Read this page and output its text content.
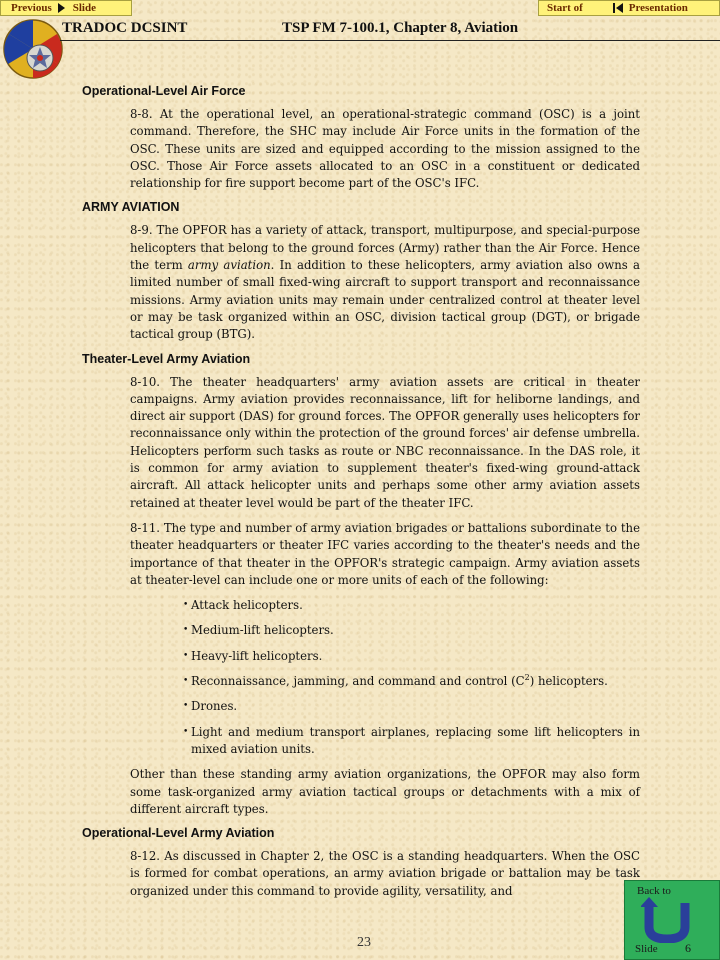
Previous Slide	Start of	Presentation
TRADOC DCSINT	TSP FM 7-100.1, Chapter 8, Aviation
Operational-Level Air Force

8-8. At the operational level, an operational-strategic command (OSC) is a joint command. Therefore, the SHC may include Air Force units in the formation of the OSC. These units are sized and equipped according to the mission assigned to the OSC. Those Air Force assets allocated to an OSC in a constituent or dedicated relationship for fire support become part of the OSC's IFC.

ARMY AVIATION

8-9. The OPFOR has a variety of attack, transport, multipurpose, and special-purpose helicopters that belong to the ground forces (Army) rather than the Air Force. Hence the term army aviation. In addition to these helicopters, army aviation also owns a limited number of small fixed-wing aircraft to support transport and reconnaissance missions. Army aviation units may remain under centralized control at theater level or may be task organized within an OSC, division tactical group (DGT), or brigade tactical group (BTG).

Theater-Level Army Aviation

8-10. The theater headquarters' army aviation assets are critical in theater campaigns. Army aviation provides reconnaissance, lift for heliborne landings, and direct air support (DAS) for ground forces. The OPFOR generally uses helicopters for reconnaissance only within the protection of the ground forces' air defense umbrella. Helicopters perform such tasks as route or NBC reconnaissance. In the DAS role, it is common for army aviation to supplement theater's fixed-wing ground-attack aircraft. All attack helicopter units and perhaps some other army aviation assets retained at theater level would be part of the theater IFC.

8-11. The type and number of army aviation brigades or battalions subordinate to the theater headquarters or theater IFC varies according to the theater's needs and the importance of that theater in the OPFOR's strategic campaign. Army aviation assets at theater-level can include one or more units of each of the following:

• Attack helicopters.
• Medium-lift helicopters.
• Heavy-lift helicopters.
• Reconnaissance, jamming, and command and control $(C^2)$ helicopters.
• Drones.
• Light and medium transport airplanes, replacing some lift helicopters in mixed aviation units.

Other than these standing army aviation organizations, the OPFOR may also form some task-organized army aviation tactical groups or detachments with a mix of different aircraft types.

Operational-Level Army Aviation

8-12. As discussed in Chapter 2, the OSC is a standing headquarters. When the OSC is formed for combat operations, an army aviation brigade or battalion may be task organized under this command to provide agility, versatility, and

23
Back to
Slide 6
